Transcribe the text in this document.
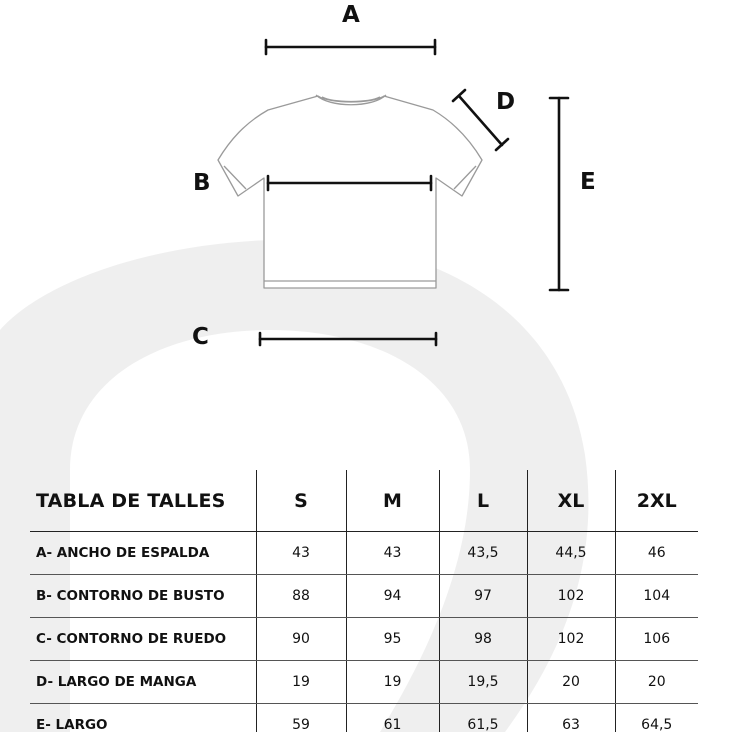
A
B
C
D
E
TABLA DE TALLES	S	M	L	XL	2XL
A- ANCHO DE ESPALDA	43	43	43,5	44,5	46
B- CONTORNO DE BUSTO	88	94	97	102	104
C- CONTORNO DE RUEDO	90	95	98	102	106
D- LARGO DE MANGA	19	19	19,5	20	20
E- LARGO	59	61	61,5	63	64,5
